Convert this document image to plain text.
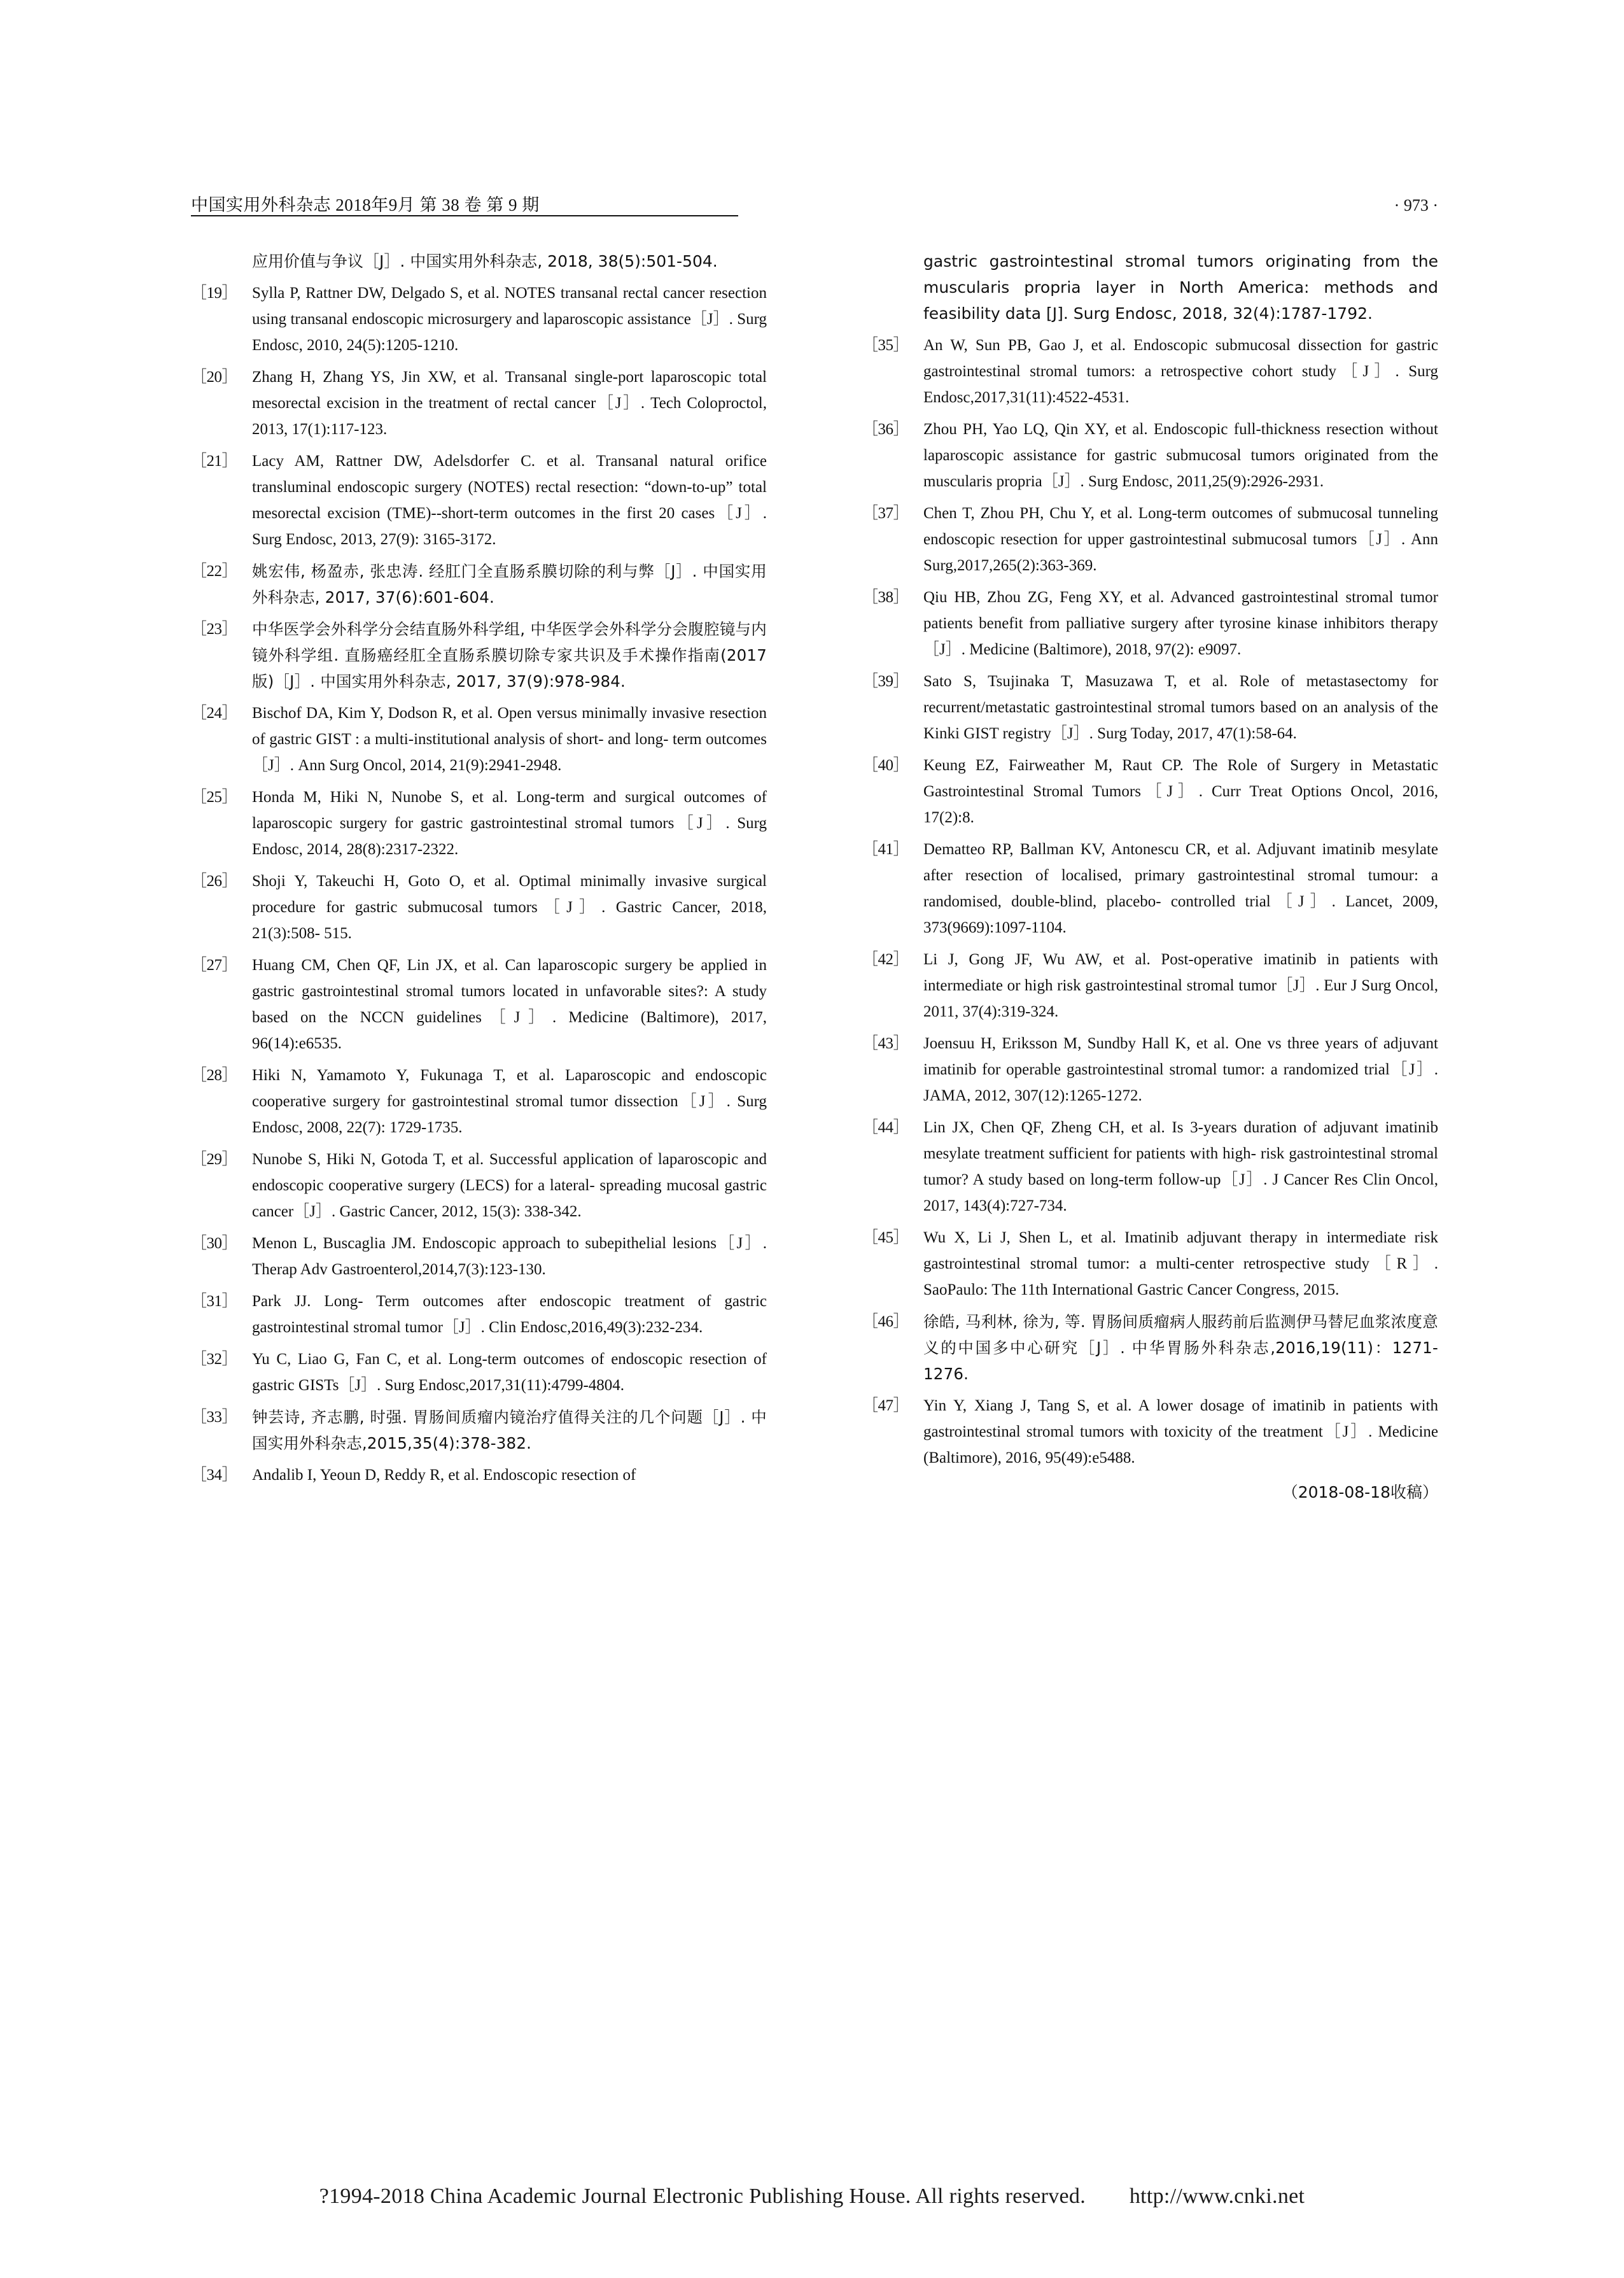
中国实用外科杂志 2018年9月 第 38 卷 第 9 期	· 973 ·
应用价值与争议［J］. 中国实用外科杂志, 2018, 38(5):501-504.
［19］ Sylla P, Rattner DW, Delgado S, et al. NOTES transanal rectal cancer resection using transanal endoscopic microsurgery and laparoscopic assistance［J］. Surg Endosc, 2010, 24(5):1205-1210.
［20］ Zhang H, Zhang YS, Jin XW, et al. Transanal single-port laparoscopic total mesorectal excision in the treatment of rectal cancer［J］. Tech Coloproctol, 2013, 17(1):117-123.
［21］ Lacy AM, Rattner DW, Adelsdorfer C. et al. Transanal natural orifice transluminal endoscopic surgery (NOTES) rectal resection: “down-to-up” total mesorectal excision (TME)--short-term outcomes in the first 20 cases［J］. Surg Endosc, 2013, 27(9): 3165-3172.
［22］ 姚宏伟, 杨盈赤, 张忠涛. 经肛门全直肠系膜切除的利与弊［J］. 中国实用外科杂志, 2017, 37(6):601-604.
［23］ 中华医学会外科学分会结直肠外科学组, 中华医学会外科学分会腹腔镜与内镜外科学组. 直肠癌经肛全直肠系膜切除专家共识及手术操作指南(2017版)［J］. 中国实用外科杂志, 2017, 37(9):978-984.
［24］ Bischof DA, Kim Y, Dodson R, et al. Open versus minimally invasive resection of gastric GIST : a multi-institutional analysis of short- and long- term outcomes［J］. Ann Surg Oncol, 2014, 21(9):2941-2948.
［25］ Honda M, Hiki N, Nunobe S, et al. Long-term and surgical outcomes of laparoscopic surgery for gastric gastrointestinal stromal tumors［J］. Surg Endosc, 2014, 28(8):2317-2322.
［26］ Shoji Y, Takeuchi H, Goto O, et al. Optimal minimally invasive surgical procedure for gastric submucosal tumors［J］. Gastric Cancer, 2018, 21(3):508- 515.
［27］ Huang CM, Chen QF, Lin JX, et al. Can laparoscopic surgery be applied in gastric gastrointestinal stromal tumors located in unfavorable sites?: A study based on the NCCN guidelines［J］. Medicine (Baltimore), 2017, 96(14):e6535.
［28］ Hiki N, Yamamoto Y, Fukunaga T, et al. Laparoscopic and endoscopic cooperative surgery for gastrointestinal stromal tumor dissection［J］. Surg Endosc, 2008, 22(7): 1729-1735.
［29］ Nunobe S, Hiki N, Gotoda T, et al. Successful application of laparoscopic and endoscopic cooperative surgery (LECS) for a lateral- spreading mucosal gastric cancer［J］. Gastric Cancer, 2012, 15(3): 338-342.
［30］ Menon L, Buscaglia JM. Endoscopic approach to subepithelial lesions［J］. Therap Adv Gastroenterol,2014,7(3):123-130.
［31］ Park JJ. Long- Term outcomes after endoscopic treatment of gastric gastrointestinal stromal tumor［J］. Clin Endosc,2016,49(3):232-234.
［32］ Yu C, Liao G, Fan C, et al. Long-term outcomes of endoscopic resection of gastric GISTs［J］. Surg Endosc,2017,31(11):4799-4804.
［33］ 钟芸诗, 齐志鹏, 时强. 胃肠间质瘤内镜治疗值得关注的几个问题［J］. 中国实用外科杂志,2015,35(4):378-382.
［34］ Andalib I, Yeoun D, Reddy R, et al. Endoscopic resection of
gastric gastrointestinal stromal tumors originating from the muscularis propria layer in North America: methods and feasibility data [J]. Surg Endosc, 2018, 32(4):1787-1792.
［35］ An W, Sun PB, Gao J, et al. Endoscopic submucosal dissection for gastric gastrointestinal stromal tumors: a retrospective cohort study［J］. Surg Endosc,2017,31(11):4522-4531.
［36］ Zhou PH, Yao LQ, Qin XY, et al. Endoscopic full-thickness resection without laparoscopic assistance for gastric submucosal tumors originated from the muscularis propria［J］. Surg Endosc, 2011,25(9):2926-2931.
［37］ Chen T, Zhou PH, Chu Y, et al. Long-term outcomes of submucosal tunneling endoscopic resection for upper gastrointestinal submucosal tumors［J］. Ann Surg,2017,265(2):363-369.
［38］ Qiu HB, Zhou ZG, Feng XY, et al. Advanced gastrointestinal stromal tumor patients benefit from palliative surgery after tyrosine kinase inhibitors therapy［J］. Medicine (Baltimore), 2018, 97(2): e9097.
［39］ Sato S, Tsujinaka T, Masuzawa T, et al. Role of metastasectomy for recurrent/metastatic gastrointestinal stromal tumors based on an analysis of the Kinki GIST registry［J］. Surg Today, 2017, 47(1):58-64.
［40］ Keung EZ, Fairweather M, Raut CP. The Role of Surgery in Metastatic Gastrointestinal Stromal Tumors［J］. Curr Treat Options Oncol, 2016, 17(2):8.
［41］ Dematteo RP, Ballman KV, Antonescu CR, et al. Adjuvant imatinib mesylate after resection of localised, primary gastrointestinal stromal tumour: a randomised, double-blind, placebo- controlled trial［J］. Lancet, 2009, 373(9669):1097-1104.
［42］ Li J, Gong JF, Wu AW, et al. Post-operative imatinib in patients with intermediate or high risk gastrointestinal stromal tumor［J］. Eur J Surg Oncol, 2011, 37(4):319-324.
［43］ Joensuu H, Eriksson M, Sundby Hall K, et al. One vs three years of adjuvant imatinib for operable gastrointestinal stromal tumor: a randomized trial［J］. JAMA, 2012, 307(12):1265-1272.
［44］ Lin JX, Chen QF, Zheng CH, et al. Is 3-years duration of adjuvant imatinib mesylate treatment sufficient for patients with high- risk gastrointestinal stromal tumor? A study based on long-term follow-up［J］. J Cancer Res Clin Oncol, 2017, 143(4):727-734.
［45］ Wu X, Li J, Shen L, et al. Imatinib adjuvant therapy in intermediate risk gastrointestinal stromal tumor: a multi-center retrospective study［R］. SaoPaulo: The 11th International Gastric Cancer Congress, 2015.
［46］ 徐皓, 马利林, 徐为, 等. 胃肠间质瘤病人服药前后监测伊马替尼血浆浓度意义的中国多中心研究［J］. 中华胃肠外科杂志,2016,19(11)：1271-1276.
［47］ Yin Y, Xiang J, Tang S, et al. A lower dosage of imatinib in patients with gastrointestinal stromal tumors with toxicity of the treatment［J］. Medicine (Baltimore), 2016, 95(49):e5488.
（2018-08-18收稿）
?1994-2018 China Academic Journal Electronic Publishing House. All rights reserved. http://www.cnki.net
